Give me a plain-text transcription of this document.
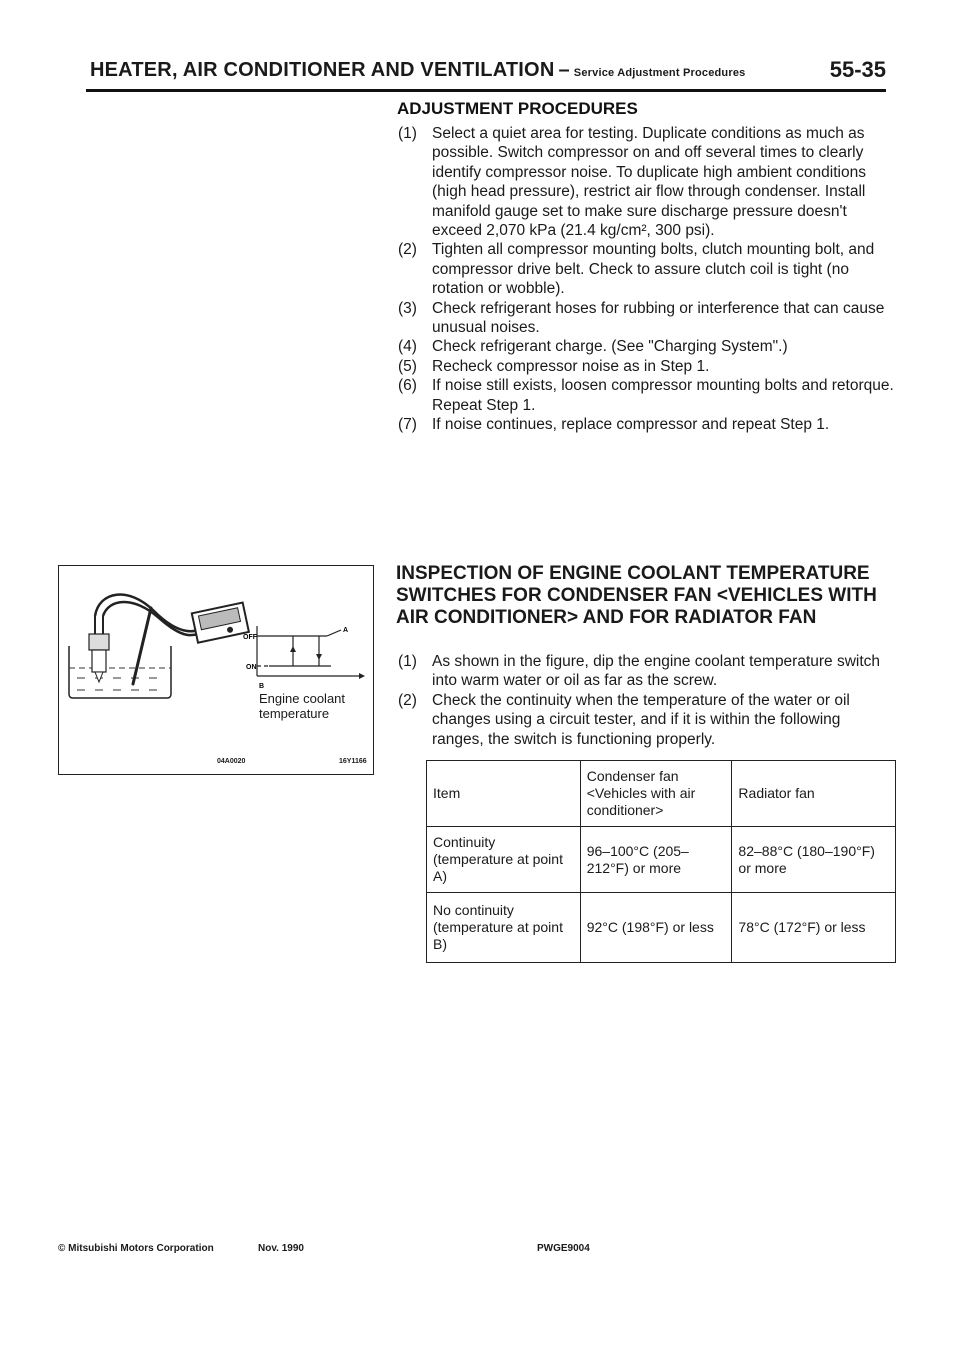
HEATER, AIR CONDITIONER AND VENTILATION – Service Adjustment Procedures	55-35
ADJUSTMENT PROCEDURES
(1) Select a quiet area for testing. Duplicate conditions as much as possible. Switch compressor on and off several times to clearly identify compressor noise. To duplicate high ambient conditions (high head pressure), restrict air flow through condenser. Install manifold gauge set to make sure discharge pressure doesn't exceed 2,070 kPa (21.4 kg/cm², 300 psi).
(2) Tighten all compressor mounting bolts, clutch mounting bolt, and compressor drive belt. Check to assure clutch coil is tight (no rotation or wobble).
(3) Check refrigerant hoses for rubbing or interference that can cause unusual noises.
(4) Check refrigerant charge. (See "Charging System".)
(5) Recheck compressor noise as in Step 1.
(6) If noise still exists, loosen compressor mounting bolts and retorque. Repeat Step 1.
(7) If noise continues, replace compressor and repeat Step 1.
INSPECTION OF ENGINE COOLANT TEMPERATURE SWITCHES FOR CONDENSER FAN <VEHICLES WITH AIR CONDITIONER> AND FOR RADIATOR FAN
(1) As shown in the figure, dip the engine coolant temperature switch into warm water or oil as far as the screw.
(2) Check the continuity when the temperature of the water or oil changes using a circuit tester, and if it is within the following ranges, the switch is functioning properly.
OFF
ON
A
B
Engine coolant temperature
04A0020	16Y1166
Item	Condenser fan <Vehicles with air conditioner>	Radiator fan
Continuity (temperature at point A)	96–100°C (205–212°F) or more	82–88°C (180–190°F) or more
No continuity (temperature at point B)	92°C (198°F) or less	78°C (172°F) or less
© Mitsubishi Motors Corporation	Nov. 1990	PWGE9004
